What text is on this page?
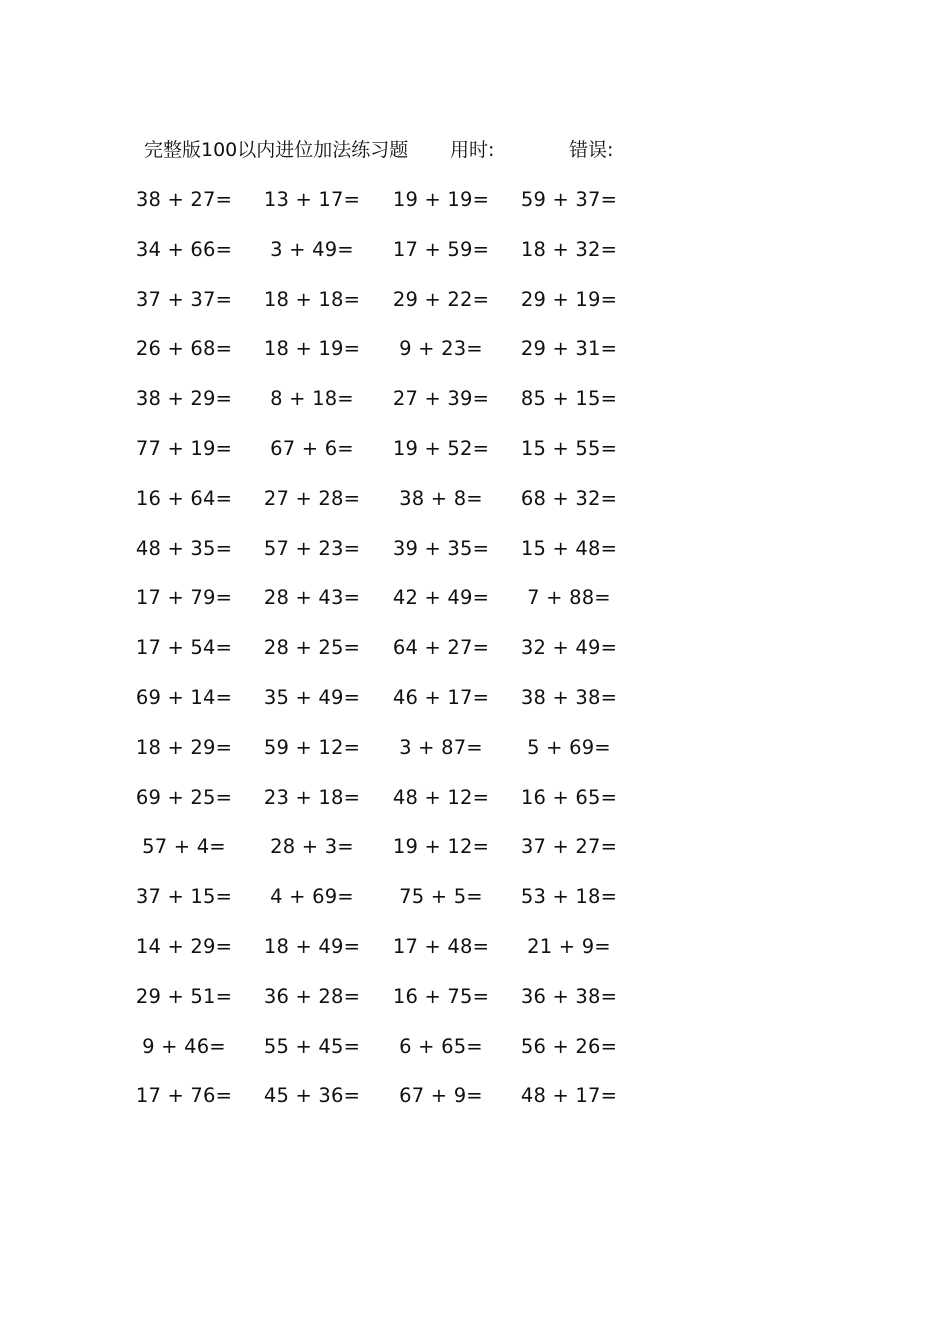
完整版100以内进位加法练习题 用时:	错误:
38 + 27= 13 + 17= 19 + 19= 59 + 37=
34 + 66= 3 + 49= 17 + 59= 18 + 32=
37 + 37= 18 + 18= 29 + 22= 29 + 19=
26 + 68= 18 + 19= 9 + 23= 29 + 31=
38 + 29= 8 + 18= 27 + 39= 85 + 15=
77 + 19= 67 + 6= 19 + 52= 15 + 55=
16 + 64= 27 + 28= 38 + 8= 68 + 32=
48 + 35= 57 + 23= 39 + 35= 15 + 48=
17 + 79= 28 + 43= 42 + 49= 7 + 88=
17 + 54= 28 + 25= 64 + 27= 32 + 49=
69 + 14= 35 + 49= 46 + 17= 38 + 38=
18 + 29= 59 + 12= 3 + 87= 5 + 69=
69 + 25= 23 + 18= 48 + 12= 16 + 65=
57 + 4= 28 + 3= 19 + 12= 37 + 27=
37 + 15= 4 + 69= 75 + 5= 53 + 18=
14 + 29= 18 + 49= 17 + 48= 21 + 9=
29 + 51= 36 + 28= 16 + 75= 36 + 38=
9 + 46= 55 + 45= 6 + 65= 56 + 26=
17 + 76= 45 + 36= 67 + 9= 48 + 17=
